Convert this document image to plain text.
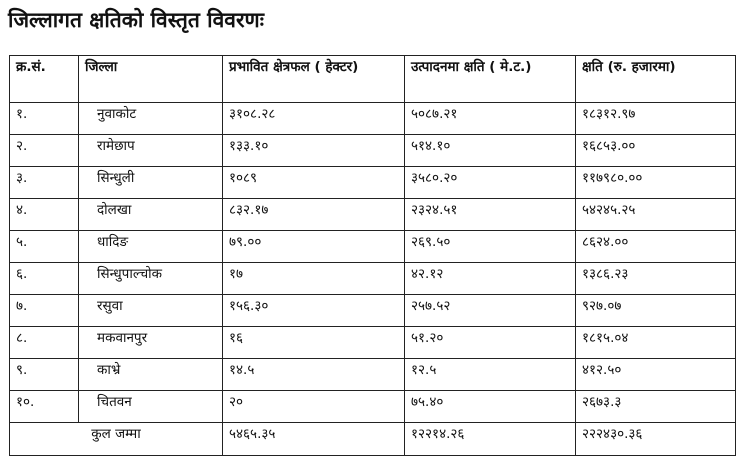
जिल्लागत क्षतिको विस्तृत विवरणः
क्र.सं.	जिल्ला	प्रभावित क्षेत्रफल ( हेक्टर)	उत्पादनमा क्षति ( मे.ट.)	क्षति (रु. हजारमा)
१.	नुवाकोट	३१०८.२८	५०८७.२१	१८३१२.९७
२.	रामेछाप	१३३.१०	५१४.१०	१६८५३.००
३.	सिन्धुली	१०८९	३५८०.२०	११७९८०.००
४.	दोलखा	८३२.१७	२३२४.५१	५४२४५.२५
५.	धादिङ	७९.००	२६९.५०	८६२४.००
६.	सिन्धुपाल्चोक	१७	४२.१२	१३८६.२३
७.	रसुवा	१५६.३०	२५७.५२	९२७.०७
८.	मकवानपुर	१६	५१.२०	१८१५.०४
९.	काभ्रे	१४.५	१२.५	४१२.५०
१०.	चितवन	२०	७५.४०	२६७३.३
कुल जम्मा		५४६५.३५	१२२१४.२६	२२२४३०.३६
